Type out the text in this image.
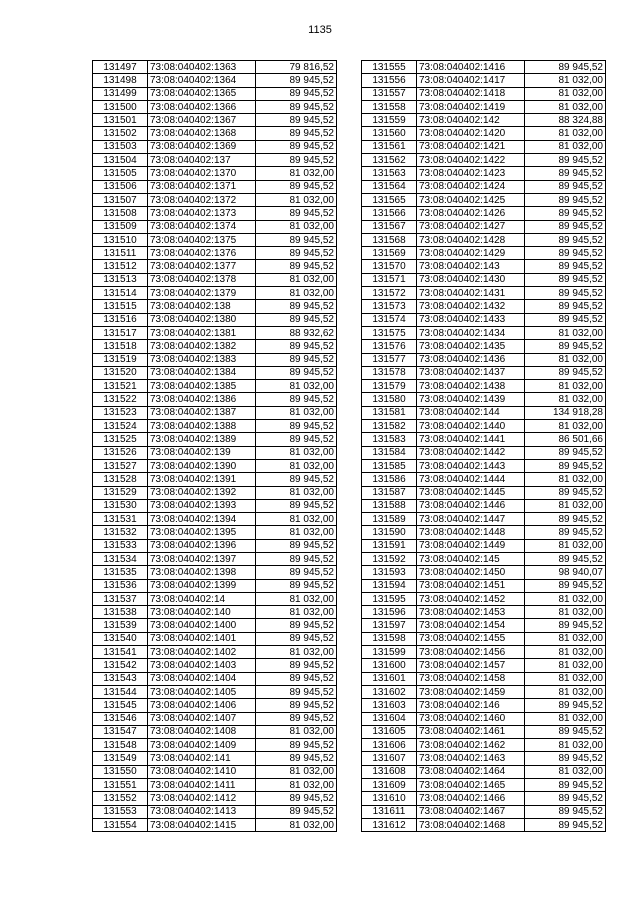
1135
131497	73:08:040402:1363	79 816,52
131498	73:08:040402:1364	89 945,52
131499	73:08:040402:1365	89 945,52
131500	73:08:040402:1366	89 945,52
131501	73:08:040402:1367	89 945,52
131502	73:08:040402:1368	89 945,52
131503	73:08:040402:1369	89 945,52
131504	73:08:040402:137	89 945,52
131505	73:08:040402:1370	81 032,00
131506	73:08:040402:1371	89 945,52
131507	73:08:040402:1372	81 032,00
131508	73:08:040402:1373	89 945,52
131509	73:08:040402:1374	81 032,00
131510	73:08:040402:1375	89 945,52
131511	73:08:040402:1376	89 945,52
131512	73:08:040402:1377	89 945,52
131513	73:08:040402:1378	81 032,00
131514	73:08:040402:1379	81 032,00
131515	73:08:040402:138	89 945,52
131516	73:08:040402:1380	89 945,52
131517	73:08:040402:1381	88 932,62
131518	73:08:040402:1382	89 945,52
131519	73:08:040402:1383	89 945,52
131520	73:08:040402:1384	89 945,52
131521	73:08:040402:1385	81 032,00
131522	73:08:040402:1386	89 945,52
131523	73:08:040402:1387	81 032,00
131524	73:08:040402:1388	89 945,52
131525	73:08:040402:1389	89 945,52
131526	73:08:040402:139	81 032,00
131527	73:08:040402:1390	81 032,00
131528	73:08:040402:1391	89 945,52
131529	73:08:040402:1392	81 032,00
131530	73:08:040402:1393	89 945,52
131531	73:08:040402:1394	81 032,00
131532	73:08:040402:1395	81 032,00
131533	73:08:040402:1396	89 945,52
131534	73:08:040402:1397	89 945,52
131535	73:08:040402:1398	89 945,52
131536	73:08:040402:1399	89 945,52
131537	73:08:040402:14	81 032,00
131538	73:08:040402:140	81 032,00
131539	73:08:040402:1400	89 945,52
131540	73:08:040402:1401	89 945,52
131541	73:08:040402:1402	81 032,00
131542	73:08:040402:1403	89 945,52
131543	73:08:040402:1404	89 945,52
131544	73:08:040402:1405	89 945,52
131545	73:08:040402:1406	89 945,52
131546	73:08:040402:1407	89 945,52
131547	73:08:040402:1408	81 032,00
131548	73:08:040402:1409	89 945,52
131549	73:08:040402:141	89 945,52
131550	73:08:040402:1410	81 032,00
131551	73:08:040402:1411	81 032,00
131552	73:08:040402:1412	89 945,52
131553	73:08:040402:1413	89 945,52
131554	73:08:040402:1415	81 032,00
131555	73:08:040402:1416	89 945,52
131556	73:08:040402:1417	81 032,00
131557	73:08:040402:1418	81 032,00
131558	73:08:040402:1419	81 032,00
131559	73:08:040402:142	88 324,88
131560	73:08:040402:1420	81 032,00
131561	73:08:040402:1421	81 032,00
131562	73:08:040402:1422	89 945,52
131563	73:08:040402:1423	89 945,52
131564	73:08:040402:1424	89 945,52
131565	73:08:040402:1425	89 945,52
131566	73:08:040402:1426	89 945,52
131567	73:08:040402:1427	89 945,52
131568	73:08:040402:1428	89 945,52
131569	73:08:040402:1429	89 945,52
131570	73:08:040402:143	89 945,52
131571	73:08:040402:1430	89 945,52
131572	73:08:040402:1431	89 945,52
131573	73:08:040402:1432	89 945,52
131574	73:08:040402:1433	89 945,52
131575	73:08:040402:1434	81 032,00
131576	73:08:040402:1435	89 945,52
131577	73:08:040402:1436	81 032,00
131578	73:08:040402:1437	89 945,52
131579	73:08:040402:1438	81 032,00
131580	73:08:040402:1439	81 032,00
131581	73:08:040402:144	134 918,28
131582	73:08:040402:1440	81 032,00
131583	73:08:040402:1441	86 501,66
131584	73:08:040402:1442	89 945,52
131585	73:08:040402:1443	89 945,52
131586	73:08:040402:1444	81 032,00
131587	73:08:040402:1445	89 945,52
131588	73:08:040402:1446	81 032,00
131589	73:08:040402:1447	89 945,52
131590	73:08:040402:1448	89 945,52
131591	73:08:040402:1449	81 032,00
131592	73:08:040402:145	89 945,52
131593	73:08:040402:1450	98 940,07
131594	73:08:040402:1451	89 945,52
131595	73:08:040402:1452	81 032,00
131596	73:08:040402:1453	81 032,00
131597	73:08:040402:1454	89 945,52
131598	73:08:040402:1455	81 032,00
131599	73:08:040402:1456	81 032,00
131600	73:08:040402:1457	81 032,00
131601	73:08:040402:1458	81 032,00
131602	73:08:040402:1459	81 032,00
131603	73:08:040402:146	89 945,52
131604	73:08:040402:1460	81 032,00
131605	73:08:040402:1461	89 945,52
131606	73:08:040402:1462	81 032,00
131607	73:08:040402:1463	89 945,52
131608	73:08:040402:1464	81 032,00
131609	73:08:040402:1465	89 945,52
131610	73:08:040402:1466	89 945,52
131611	73:08:040402:1467	89 945,52
131612	73:08:040402:1468	89 945,52
